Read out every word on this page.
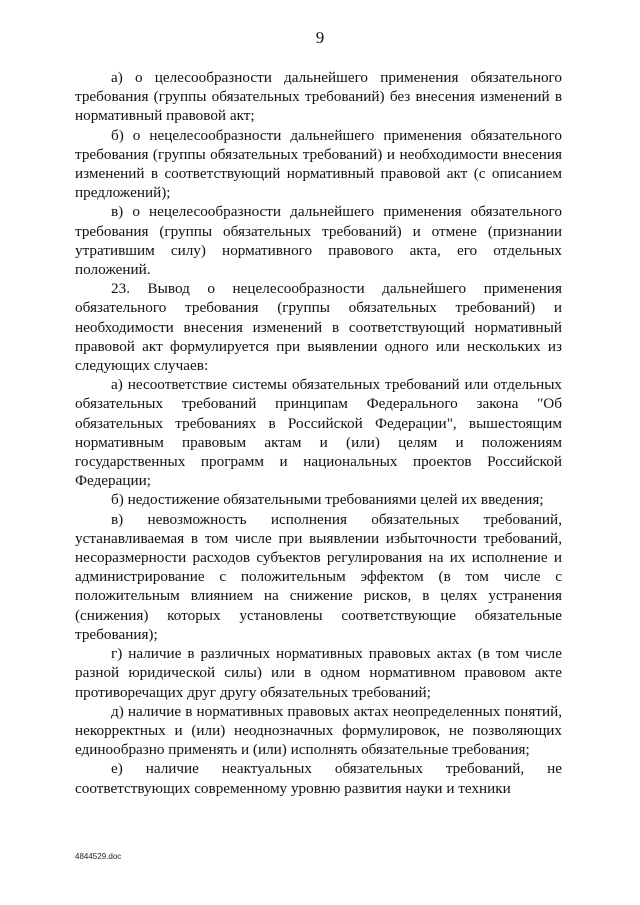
9

а) о целесообразности дальнейшего применения обязательного требования (группы обязательных требований) без внесения изменений в нормативный правовой акт;

б) о нецелесообразности дальнейшего применения обязательного требования (группы обязательных требований) и необходимости внесения изменений в соответствующий нормативный правовой акт (с описанием предложений);

в) о нецелесообразности дальнейшего применения обязательного требования (группы обязательных требований) и отмене (признании утратившим силу) нормативного правового акта, его отдельных положений.

23. Вывод о нецелесообразности дальнейшего применения обязательного требования (группы обязательных требований) и необходимости внесения изменений в соответствующий нормативный правовой акт формулируется при выявлении одного или нескольких из следующих случаев:

а) несоответствие системы обязательных требований или отдельных обязательных требований принципам Федерального закона "Об обязательных требованиях в Российской Федерации", вышестоящим нормативным правовым актам и (или) целям и положениям государственных программ и национальных проектов Российской Федерации;

б) недостижение обязательными требованиями целей их введения;

в) невозможность исполнения обязательных требований, устанавливаемая в том числе при выявлении избыточности требований, несоразмерности расходов субъектов регулирования на их исполнение и администрирование с положительным эффектом (в том числе с положительным влиянием на снижение рисков, в целях устранения (снижения) которых установлены соответствующие обязательные требования);

г) наличие в различных нормативных правовых актах (в том числе разной юридической силы) или в одном нормативном правовом акте противоречащих друг другу обязательных требований;

д) наличие в нормативных правовых актах неопределенных понятий, некорректных и (или) неоднозначных формулировок, не позволяющих единообразно применять и (или) исполнять обязательные требования;

е) наличие неактуальных обязательных требований, не соответствующих современному уровню развития науки и техники

4844529.doc
